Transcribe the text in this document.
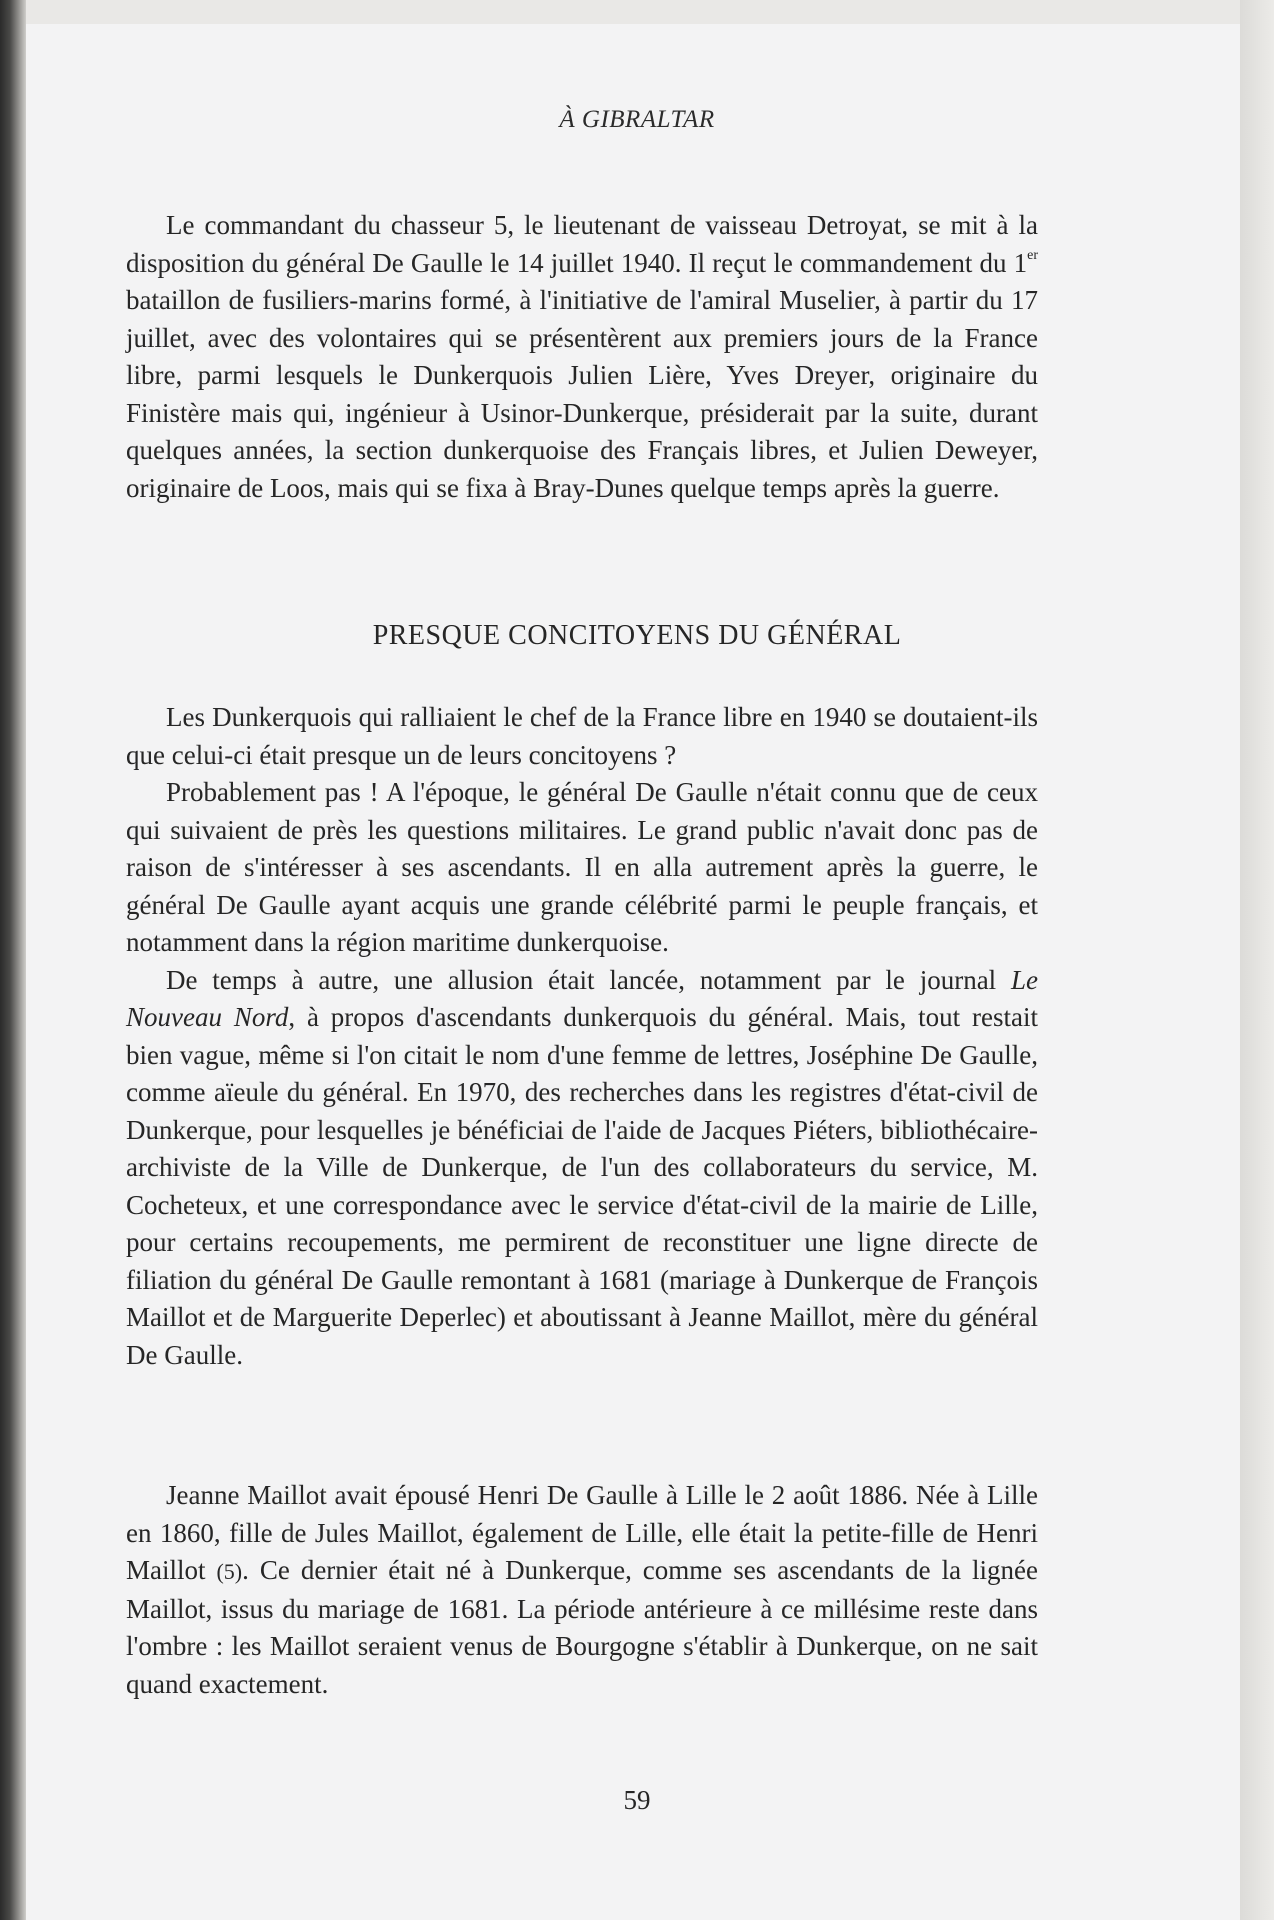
À GIBRALTAR

Le commandant du chasseur 5, le lieutenant de vaisseau Detroyat, se mit à la disposition du général De Gaulle le 14 juillet 1940. Il reçut le commandement du 1er bataillon de fusiliers-marins formé, à l'initiative de l'amiral Muselier, à partir du 17 juillet, avec des volontaires qui se présentèrent aux premiers jours de la France libre, parmi lesquels le Dunkerquois Julien Lière, Yves Dreyer, originaire du Finistère mais qui, ingénieur à Usinor-Dunkerque, présiderait par la suite, durant quelques années, la section dunkerquoise des Français libres, et Julien Deweyer, originaire de Loos, mais qui se fixa à Bray-Dunes quelque temps après la guerre.

PRESQUE CONCITOYENS DU GÉNÉRAL

Les Dunkerquois qui ralliaient le chef de la France libre en 1940 se doutaient-ils que celui-ci était presque un de leurs concitoyens ?

Probablement pas ! A l'époque, le général De Gaulle n'était connu que de ceux qui suivaient de près les questions militaires. Le grand public n'avait donc pas de raison de s'intéresser à ses ascendants. Il en alla autrement après la guerre, le général De Gaulle ayant acquis une grande célébrité parmi le peuple français, et notamment dans la région maritime dunkerquoise.

De temps à autre, une allusion était lancée, notamment par le journal Le Nouveau Nord, à propos d'ascendants dunkerquois du général. Mais, tout restait bien vague, même si l'on citait le nom d'une femme de lettres, Joséphine De Gaulle, comme aïeule du général. En 1970, des recherches dans les registres d'état-civil de Dunkerque, pour lesquelles je bénéficiai de l'aide de Jacques Piéters, bibliothécaire-archiviste de la Ville de Dunkerque, de l'un des collaborateurs du service, M. Cocheteux, et une correspondance avec le service d'état-civil de la mairie de Lille, pour certains recoupements, me permirent de reconstituer une ligne directe de filiation du général De Gaulle remontant à 1681 (mariage à Dunkerque de François Maillot et de Marguerite Deperlec) et aboutissant à Jeanne Maillot, mère du général De Gaulle.

Jeanne Maillot avait épousé Henri De Gaulle à Lille le 2 août 1886. Née à Lille en 1860, fille de Jules Maillot, également de Lille, elle était la petite-fille de Henri Maillot (5). Ce dernier était né à Dunkerque, comme ses ascendants de la lignée Maillot, issus du mariage de 1681. La période antérieure à ce millésime reste dans l'ombre : les Maillot seraient venus de Bourgogne s'établir à Dunkerque, on ne sait quand exactement.

59
